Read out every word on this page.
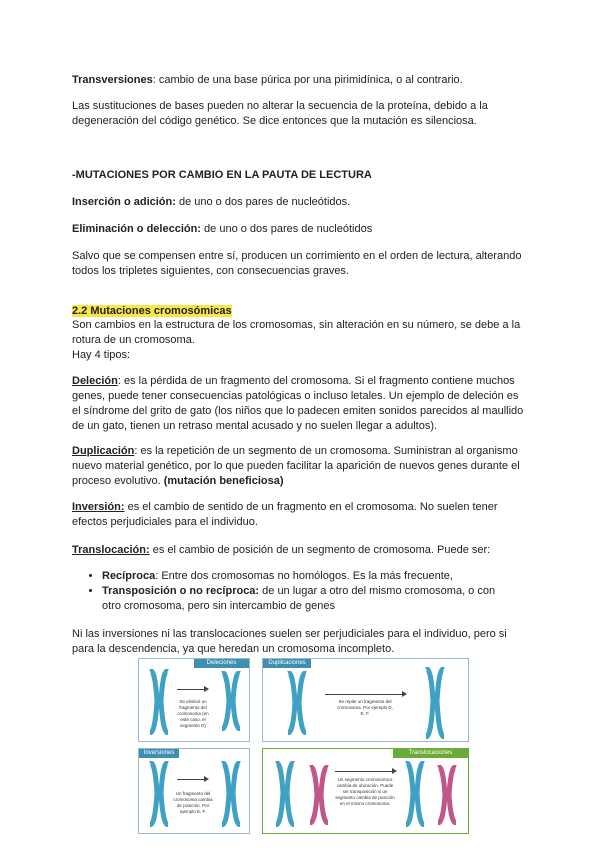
Transversiones: cambio de una base púrica por una pirimidínica, o al contrario.

Las sustituciones de bases pueden no alterar la secuencia de la proteína, debido a la
degeneración del código genético. Se dice entonces que la mutación es silenciosa.

-MUTACIONES POR CAMBIO EN LA PAUTA DE LECTURA

Inserción o adición: de uno o dos pares de nucleótidos.

Eliminación o delección: de uno o dos pares de nucleótidos

Salvo que se compensen entre sí, producen un corrimiento en el orden de lectura, alterando
todos los tripletes siguientes, con consecuencias graves.

2.2 Mutaciones cromosómicas

Son cambios en la estructura de los cromosomas, sin alteración en su número, se debe a la
rotura de un cromosoma.
Hay 4 tipos:

Deleción: es la pérdida de un fragmento del cromosoma. Si el fragmento contiene muchos
genes, puede tener consecuencias patológicas o incluso letales. Un ejemplo de deleción es
el síndrome del grito de gato (los niños que lo padecen emiten sonidos parecidos al maullido
de un gato, tienen un retraso mental acusado y no suelen llegar a adultos).

Duplicación: es la repetición de un segmento de un cromosoma. Suministran al organismo
nuevo material genético, por lo que pueden facilitar la aparición de nuevos genes durante el
proceso evolutivo. (mutación beneficiosa)

Inversión: es el cambio de sentido de un fragmento en el cromosoma. No suelen tener
efectos perjudiciales para el individuo.

Translocación: es el cambio de posición de un segmento de cromosoma. Puede ser:

• Recíproca: Entre dos cromosomas no homólogos. Es la más frecuente,
• Transposición o no recíproca: de un lugar a otro del mismo cromosoma, o con
otro cromosoma, pero sin intercambio de genes

Ni las inversiones ni las translocaciones suelen ser perjudiciales para el individuo, pero si
para la descendencia, ya que heredan un cromosoma incompleto.

Deleciones
Se eliminó un fragmento del cromosoma (en este caso, el segmento D)
Duplicaciones
Se repite un fragmento del cromosoma. Por ejemplo D, E, F.
Inversiones
Un fragmento del cromosoma cambia de posición. Por ejemplo E, F.
Translocaciones
Un segmento cromosómico cambia de ubicación. Puede ser transposición si un segmento cambia de posición en el mismo cromosoma.
